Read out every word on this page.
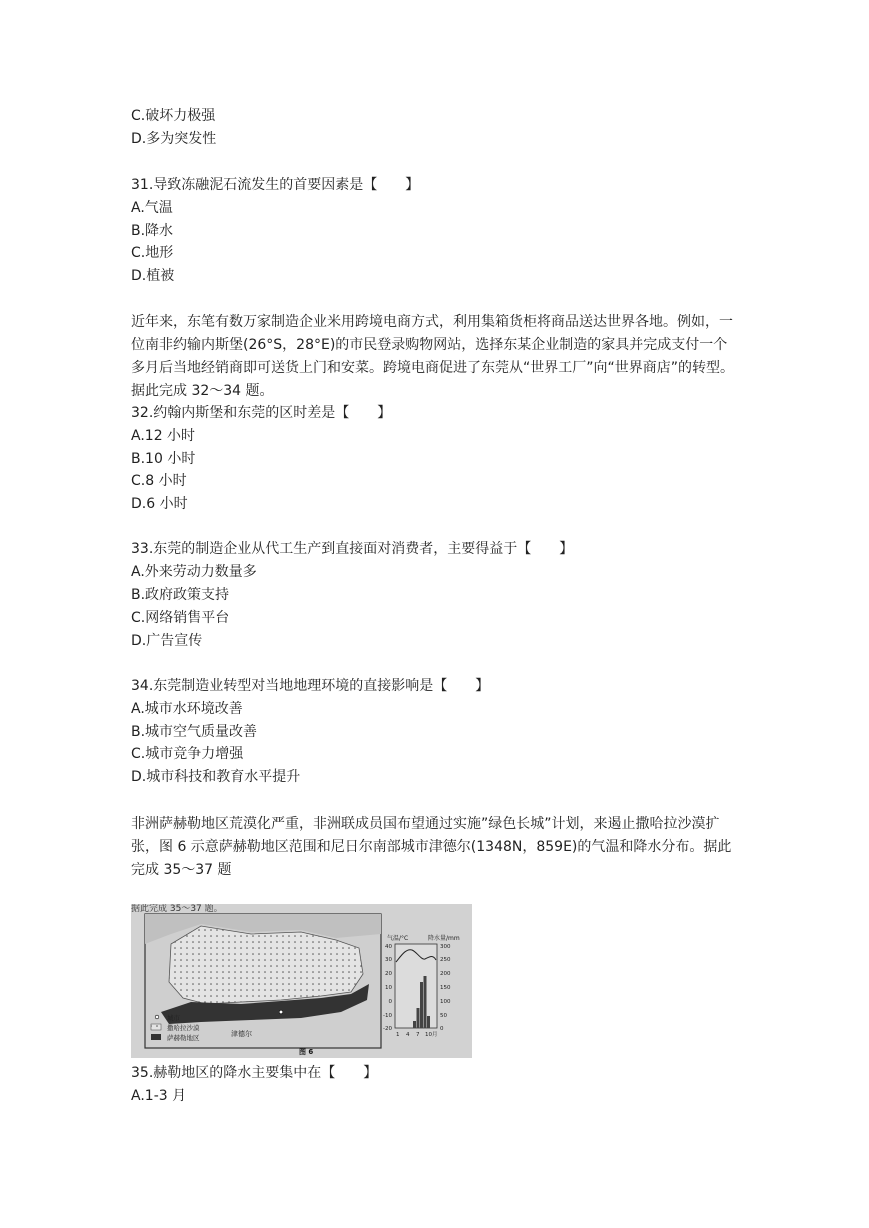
C.破坏力极强
D.多为突发性
31.导致冻融泥石流发生的首要因素是【　　】
A.气温
B.降水
C.地形
D.植被
近年来，东笔有数万家制造企业米用跨境电商方式，利用集箱货柜将商品送达世界各地。例如，一位南非约输内斯堡(26°S，28°E)的市民登录购物网站，选择东某企业制造的家具并完成支付一个多月后当地经销商即可送货上门和安菜。跨境电商促进了东莞从“世界工厂”向“世界商店”的转型。据此完成 32～34 题。
32.约翰内斯堡和东莞的区时差是【　　】
A.12 小时
B.10 小时
C.8 小时
D.6 小时
33.东莞的制造企业从代工生产到直接面对消费者，主要得益于【　　】
A.外来劳动力数量多
B.政府政策支持
C.网络销售平台
D.广告宣传
34.东莞制造业转型对当地地理环境的直接影响是【　　】
A.城市水环境改善
B.城市空气质量改善
C.城市竞争力增强
D.城市科技和教育水平提升
非洲萨赫勒地区荒漠化严重，非洲联成员国布望通过实施”绿色长城”计划，来遏止撒哈拉沙漠扩张，图 6 示意萨赫勒地区范围和尼日尔南部城市津德尔(1348N，859E)的气温和降水分布。据此完成 35～37 题
据此完成 35～37 题。
津德尔
城市
撒哈拉沙漠
萨赫勒地区
图 6
气温/°C	降水量/mm
40
30
20
10
0
-10
-20
300
250
200
150
100
50
0
1 4 7 10月
35.赫勒地区的降水主要集中在【　　】
A.1-3 月
